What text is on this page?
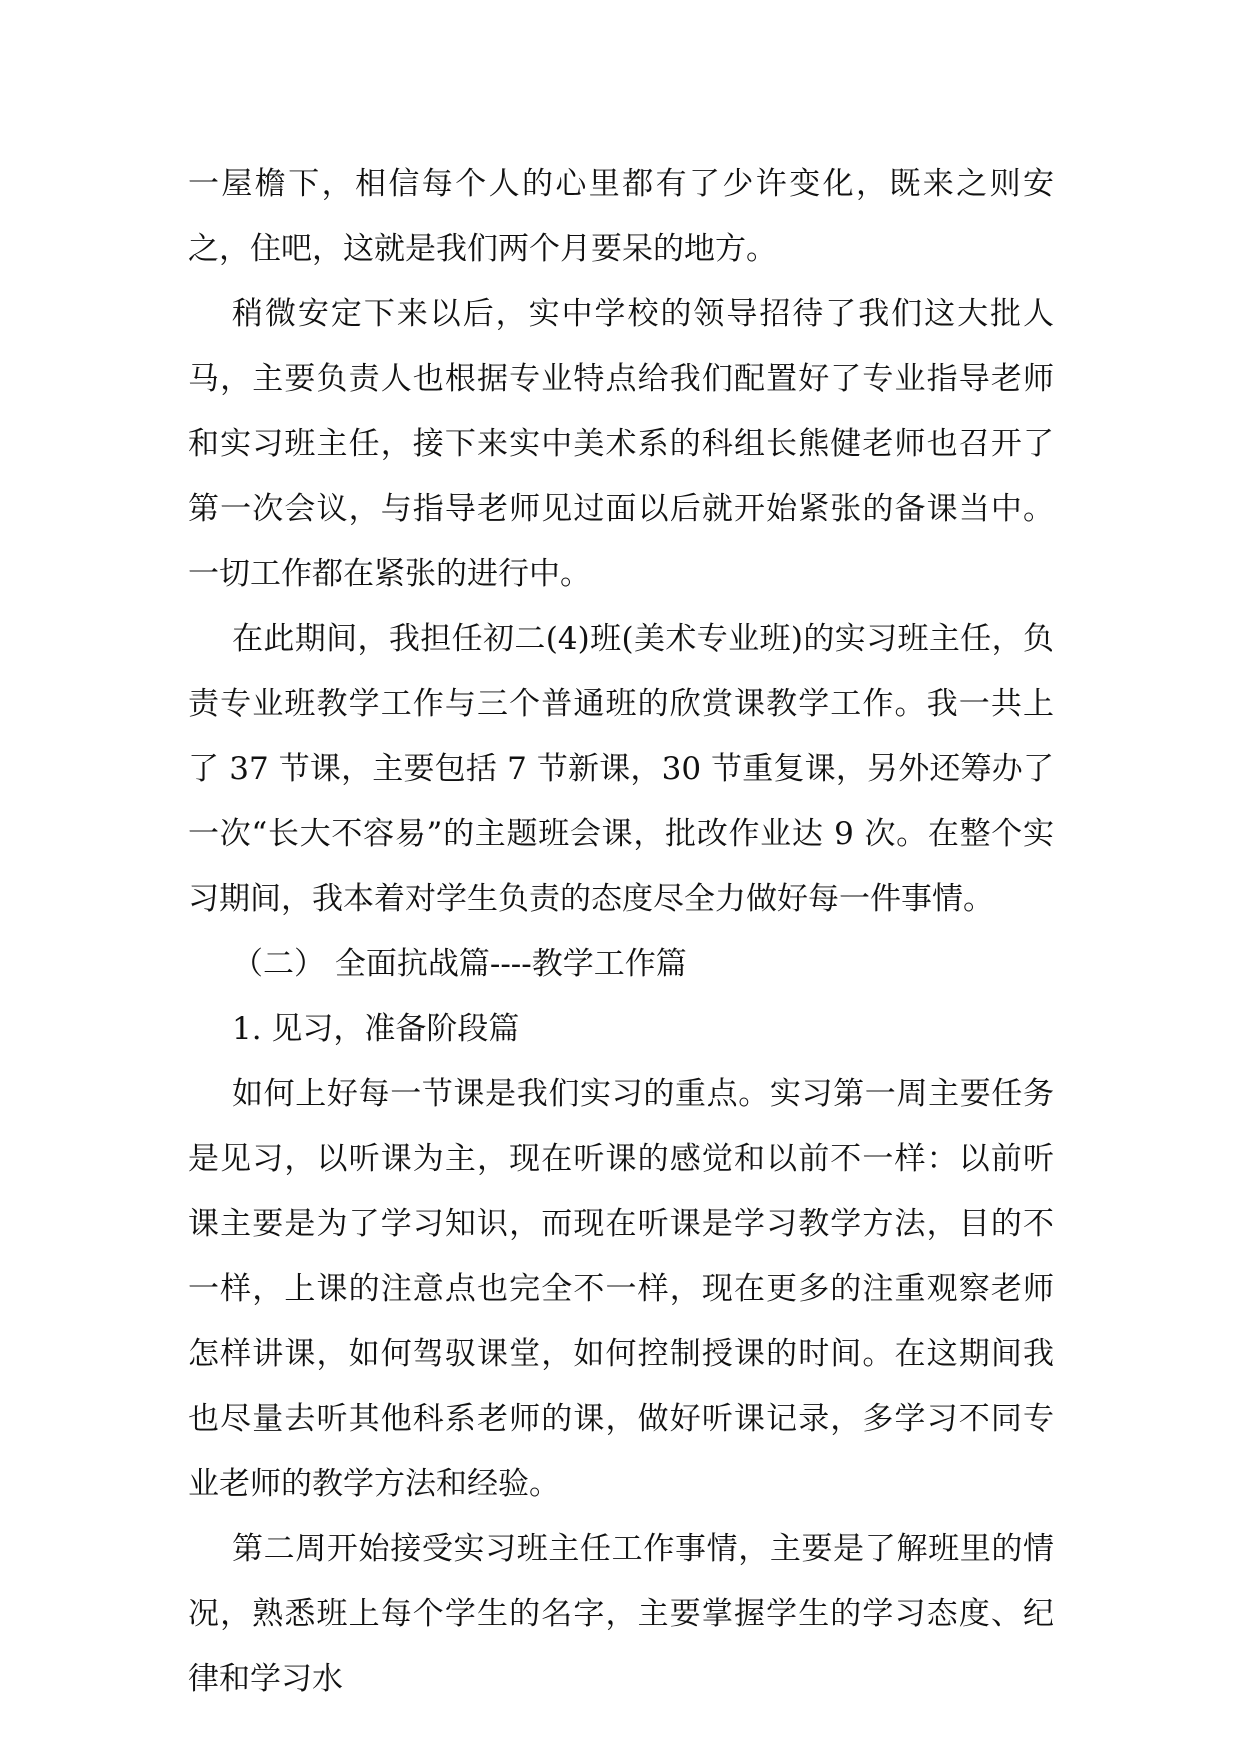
一屋檐下，相信每个人的心里都有了少许变化，既来之则安之，住吧，这就是我们两个月要呆的地方。

稍微安定下来以后，实中学校的领导招待了我们这大批人马，主要负责人也根据专业特点给我们配置好了专业指导老师和实习班主任，接下来实中美术系的科组长熊健老师也召开了第一次会议，与指导老师见过面以后就开始紧张的备课当中。一切工作都在紧张的进行中。

在此期间，我担任初二(4)班(美术专业班)的实习班主任，负责专业班教学工作与三个普通班的欣赏课教学工作。我一共上了 37 节课，主要包括 7 节新课，30 节重复课，另外还筹办了一次“长大不容易”的主题班会课，批改作业达 9 次。在整个实习期间，我本着对学生负责的态度尽全力做好每一件事情。

（二） 全面抗战篇----教学工作篇

1. 见习，准备阶段篇

如何上好每一节课是我们实习的重点。实习第一周主要任务是见习，以听课为主，现在听课的感觉和以前不一样：以前听课主要是为了学习知识，而现在听课是学习教学方法，目的不一样，上课的注意点也完全不一样，现在更多的注重观察老师怎样讲课，如何驾驭课堂，如何控制授课的时间。在这期间我也尽量去听其他科系老师的课，做好听课记录，多学习不同专业老师的教学方法和经验。

第二周开始接受实习班主任工作事情，主要是了解班里的情况，熟悉班上每个学生的名字，主要掌握学生的学习态度、纪律和学习水
